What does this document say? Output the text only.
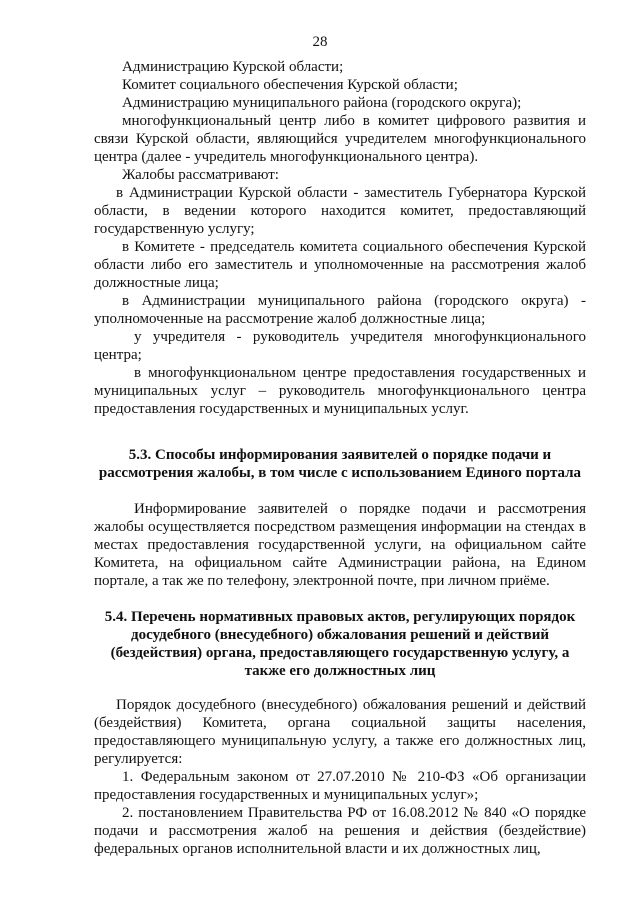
28

Администрацию Курской области;

Комитет социального обеспечения Курской области;

Администрацию муниципального района (городского округа);

многофункциональный центр либо в комитет цифрового развития и связи Курской области, являющийся учредителем многофункционального центра (далее - учредитель многофункционального центра).

Жалобы рассматривают:

в Администрации Курской области - заместитель Губернатора Курской области, в ведении которого находится комитет, предоставляющий государственную услугу;

в Комитете - председатель комитета социального обеспечения Курской области либо его заместитель и уполномоченные на рассмотрения жалоб должностные лица;

в Администрации муниципального района (городского округа) - уполномоченные на рассмотрение жалоб должностные лица;

у учредителя - руководитель учредителя многофункционального центра;

в многофункциональном центре предоставления государственных и муниципальных услуг – руководитель многофункционального центра предоставления государственных и муниципальных услуг.

5.3. Способы информирования заявителей о порядке подачи и рассмотрения жалобы, в том числе с использованием Единого портала

Информирование заявителей о порядке подачи и рассмотрения жалобы осуществляется посредством размещения информации на стендах в местах предоставления государственной услуги, на официальном сайте Комитета, на официальном сайте Администрации района, на Едином портале, а так же по телефону, электронной почте, при личном приёме.

5.4. Перечень нормативных правовых актов, регулирующих порядок досудебного (внесудебного) обжалования решений и действий (бездействия) органа, предоставляющего государственную услугу, а также его должностных лиц

Порядок досудебного (внесудебного) обжалования решений и действий (бездействия) Комитета, органа социальной защиты населения, предоставляющего муниципальную услугу, а также его должностных лиц, регулируется:

1. Федеральным законом от 27.07.2010 № 210-ФЗ «Об организации предоставления государственных и муниципальных услуг»;

2. постановлением Правительства РФ от 16.08.2012 № 840 «О порядке подачи и рассмотрения жалоб на решения и действия (бездействие) федеральных органов исполнительной власти и их должностных лиц,
